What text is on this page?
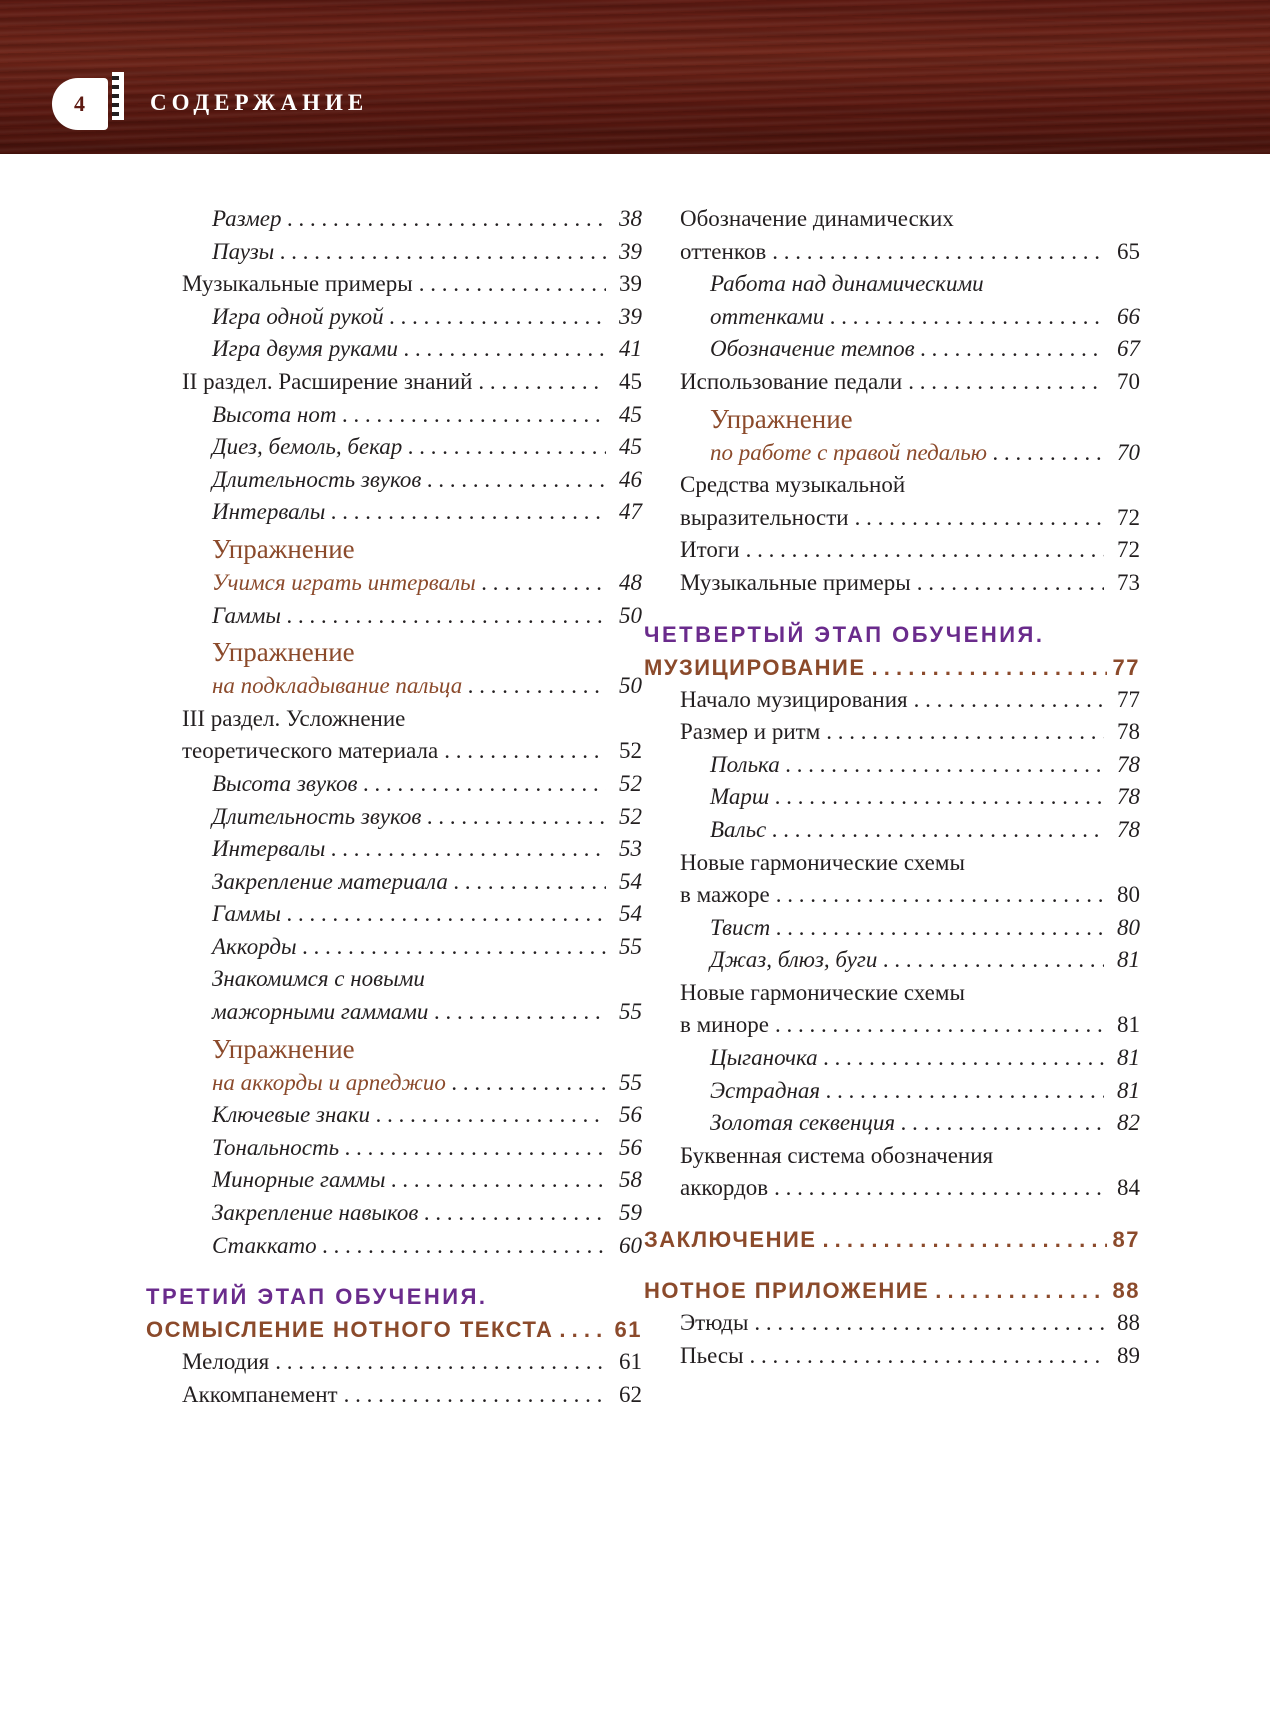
4	СОДЕРЖАНИЕ
Размер . . .	38
Паузы . . .	39
Музыкальные примеры . . .	39
Игра одной рукой . . .	39
Игра двумя руками . . .	41
II раздел. Расширение знаний . . .	45
Высота нот . . .	45
Диез, бемоль, бекар . . .	45
Длительность звуков . . .	46
Интервалы . . .	47
Упражнение
Учимся играть интервалы . . .	48
Гаммы . . .	50
Упражнение
на подкладывание пальца . . .	50
III раздел. Усложнение
теоретического материала . . .	52
Высота звуков . . .	52
Длительность звуков . . .	52
Интервалы . . .	53
Закрепление материала . . .	54
Гаммы . . .	54
Аккорды . . .	55
Знакомимся с новыми
мажорными гаммами . . .	55
Упражнение
на аккорды и арпеджио . . .	55
Ключевые знаки . . .	56
Тональность . . .	56
Минорные гаммы . . .	58
Закрепление навыков . . .	59
Стаккато . . .	60
ТРЕТИЙ ЭТАП ОБУЧЕНИЯ.
ОСМЫСЛЕНИЕ НОТНОГО ТЕКСТА . . .	61
Мелодия . . .	61
Аккомпанемент . . .	62
Обозначение динамических
оттенков . . .	65
Работа над динамическими
оттенками . . .	66
Обозначение темпов . . .	67
Использование педали . . .	70
Упражнение
по работе с правой педалью . . .	70
Средства музыкальной
выразительности . . .	72
Итоги . . .	72
Музыкальные примеры . . .	73
ЧЕТВЕРТЫЙ ЭТАП ОБУЧЕНИЯ.
МУЗИЦИРОВАНИЕ . . .	77
Начало музицирования . . .	77
Размер и ритм . . .	78
Полька . . .	78
Марш . . .	78
Вальс . . .	78
Новые гармонические схемы
в мажоре . . .	80
Твист . . .	80
Джаз, блюз, буги . . .	81
Новые гармонические схемы
в миноре . . .	81
Цыганочка . . .	81
Эстрадная . . .	81
Золотая секвенция . . .	82
Буквенная система обозначения
аккордов . . .	84
ЗАКЛЮЧЕНИЕ . . .	87
НОТНОЕ ПРИЛОЖЕНИЕ . . .	88
Этюды . . .	88
Пьесы . . .	89
